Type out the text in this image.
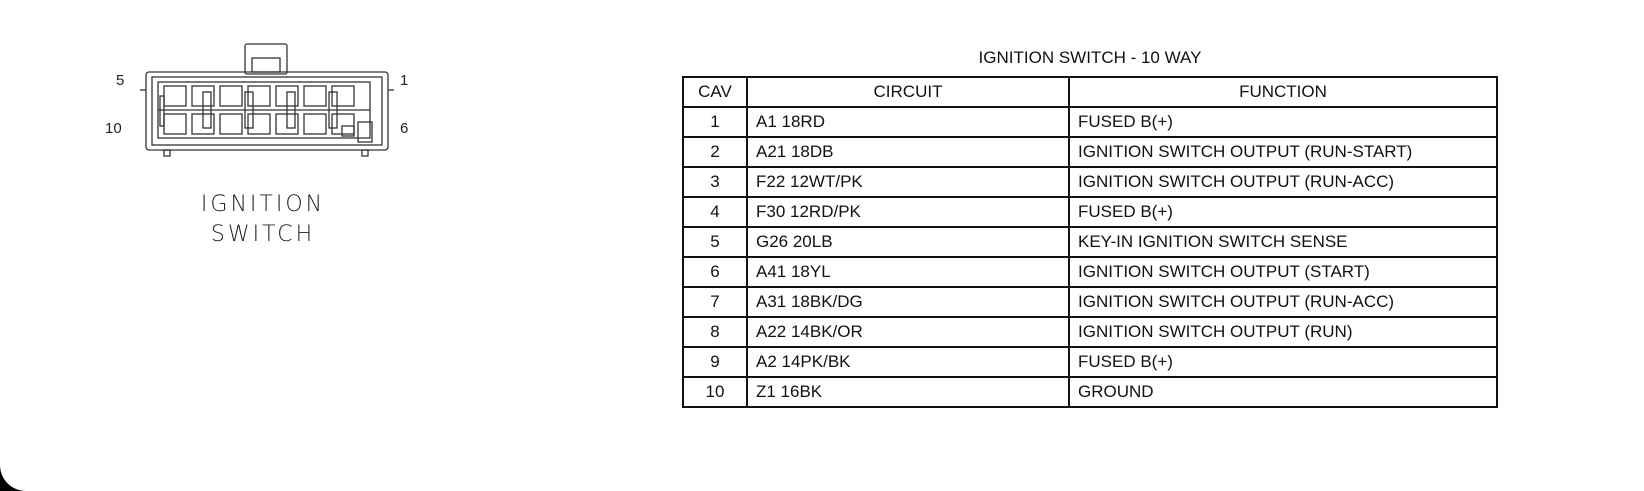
5	1
10	6
IGNITION
SWITCH
IGNITION SWITCH - 10 WAY
CAV	CIRCUIT	FUNCTION
1	A1 18RD	FUSED B(+)
2	A21 18DB	IGNITION SWITCH OUTPUT (RUN-START)
3	F22 12WT/PK	IGNITION SWITCH OUTPUT (RUN-ACC)
4	F30 12RD/PK	FUSED B(+)
5	G26 20LB	KEY-IN IGNITION SWITCH SENSE
6	A41 18YL	IGNITION SWITCH OUTPUT (START)
7	A31 18BK/DG	IGNITION SWITCH OUTPUT (RUN-ACC)
8	A22 14BK/OR	IGNITION SWITCH OUTPUT (RUN)
9	A2 14PK/BK	FUSED B(+)
10	Z1 16BK	GROUND
